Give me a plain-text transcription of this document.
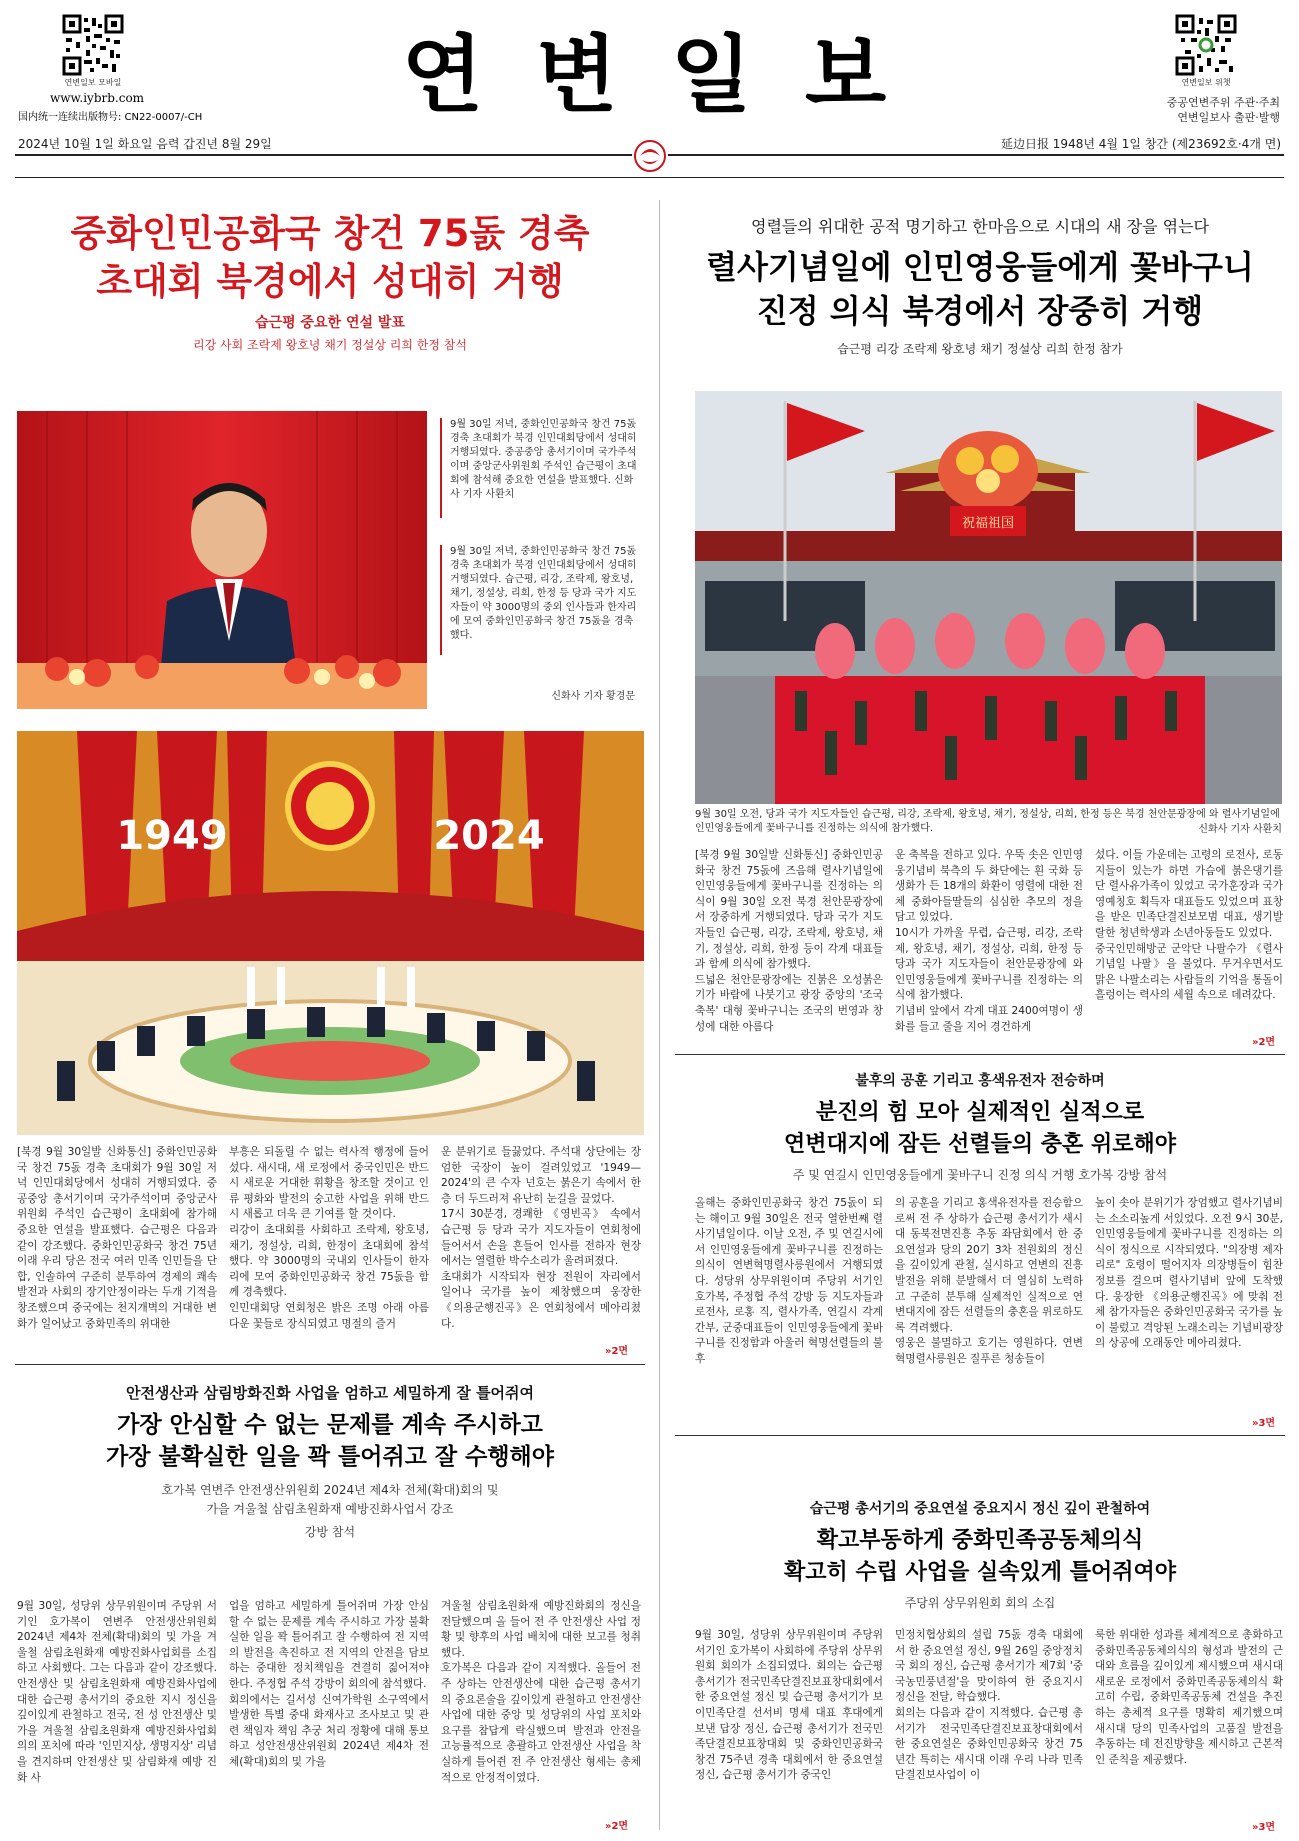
연변일보 모바일
www.iybrb.com
国内统一连续出版物号: CN22-0007/-CH	연 변 일 보	연변일보 위챗
중공연변주위 주관·주최
연변일보사 출판·발행
2024년 10월 1일 화요일 음력 갑진년 8월 29일	延边日报 1948년 4월 1일 창간 (제23692호·4개 면)
중화인민공화국 창건 75돐 경축
초대회 북경에서 성대히 거행
습근평 중요한 연설 발표
리강 사회 조락제 왕호녕 채기 정설상 리희 한정 참석
9월 30일 저녁, 중화인민공화국 창건 75돐 경축 초대회가 북경 인민대회당에서 성대히 거행되였다. 중공중앙 총서기이며 국가주석이며 중앙군사위원회 주석인 습근평이 초대회에 참석해 중요한 연설을 발표했다. 신화사 기자 사환치
9월 30일 저녁, 중화인민공화국 창건 75돐 경축 초대회가 북경 인민대회당에서 성대히 거행되였다. 습근평, 리강, 조락제, 왕호녕, 채기, 정설상, 리희, 한정 등 당과 국가 지도자들이 약 3000명의 중외 인사들과 한자리에 모여 중화인민공화국 창건 75돐을 경축했다.
신화사 기자 황경문
1949	2024
[북경 9월 30일발 신화통신] 중화인민공화국 창건 75돐 경축 초대회가 9월 30일 저녁 인민대회당에서 성대히 거행되였다. 중공중앙 총서기이며 국가주석이며 중앙군사위원회 주석인 습근평이 초대회에 참가해 중요한 연설을 발표했다. 습근평은 다음과 같이 강조했다. 중화인민공화국 창건 75년 이래 우리 당은 전국 여러 민족 인민들을 단합, 인솔하여 구준히 분투하여 경제의 쾌속발전과 사회의 장기안정이라는 두개 기적을 창조했으며 중국에는 천지개벽의 거대한 변화가 일어났고 중화민족의 위대한
부흥은 되돌릴 수 없는 력사적 행정에 들어섰다. 새시대, 새 로정에서 중국인민은 반드시 새로운 거대한 휘황을 창조할 것이고 인류 평화와 발전의 숭고한 사업을 위해 반드시 새롭고 더욱 큰 기여를 할 것이다.
리강이 초대회를 사회하고 조락제, 왕호녕, 채기, 정설상, 리희, 한정이 초대회에 참석했다. 약 3000명의 국내외 인사들이 한자리에 모여 중화인민공화국 창건 75돐을 함께 경축했다.
인민대회당 연회청은 밝은 조명 아래 아름다운 꽃들로 장식되였고 명절의 즐거
운 분위기로 들끓었다. 주석대 상단에는 장엄한 국장이 높이 걸려있었고 '1949—2024'의 큰 수자 넌호는 붉은기 속에서 한층 더 두드러져 유난히 눈길을 끌었다.
17시 30분경, 경쾌한 《영빈곡》 속에서 습근평 등 당과 국가 지도자들이 연회청에 들어서서 손을 흔들어 인사를 전하자 현장에서는 열렬한 박수소리가 울려퍼졌다.
초대회가 시작되자 현장 전원이 자리에서 일어나 국가를 높이 제창했으며 웅장한 《의용군행진곡》은 연회청에서 메아리쳤다.
»2면
안전생산과 삼림방화진화 사업을 엄하고 세밀하게 잘 틀어쥐여
가장 안심할 수 없는 문제를 계속 주시하고
가장 불확실한 일을 꽉 틀어쥐고 잘 수행해야
호가복 연변주 안전생산위원회 2024년 제4차 전체(확대)회의 및
가을 겨울철 삼림초원화재 예방진화사업서 강조
강방 참석
9월 30일, 성당위 상무위원이며 주당위 서기인 호가복이 연변주 안전생산위원회 2024년 제4차 전체(확대)회의 및 가을 겨울철 삼림초원화재 예방진화사업회를 소집하고 사회했다. 그는 다음과 같이 강조했다. 안전생산 및 삼림초원화재 예방진화사업에 대한 습근평 총서기의 중요한 지시 정신을 깊이있게 관철하고 전국, 전 성 안전생산 및 가을 겨울철 삼림초원화재 예방진화사업회의의 포치에 따라 '인민지상, 생명지상' 리념을 견지하며 안전생산 및 삼림화재 예방 진화 사
업을 엄하고 세밀하게 틀어쥐며 가장 안심할 수 없는 문제를 계속 주시하고 가장 불확실한 일을 꽉 틀어쥐고 잘 수행하여 전 지역의 발전을 촉진하고 전 지역의 안전을 담보하는 중대한 정치책임을 견결히 짊어져야 한다. 주정협 주석 강방이 회의에 참석했다.
회의에서는 길서성 신여가학원 소구역에서 발생한 특별 중대 화재사고 조사보고 및 관련 책임자 책임 추궁 처리 정황에 대해 통보하고 성안전생산위원회 2024년 제4차 전체(확대)회의 및 가을
겨울철 삼림초원화재 예방진화회의 정신을 전달했으며 올 들어 전 주 안전생산 사업 정황 및 향후의 사업 배치에 대한 보고를 청취했다.
호가복은 다음과 같이 지적했다. 올들어 전 주 상하는 안전생산에 대한 습근평 총서기의 중요론술을 깊이있게 관철하고 안전생산 사업에 대한 중앙 및 성당위의 사업 포치와 요구를 참답게 락실했으며 발전과 안전을 고능률적으로 총괄하고 안전생산 사업을 착실하게 틀어쥔 전 주 안전생산 형세는 총체적으로 안정적이였다.
»2면
영렬들의 위대한 공적 명기하고 한마음으로 시대의 새 장을 엮는다
렬사기념일에 인민영웅들에게 꽃바구니
진정 의식 북경에서 장중히 거행
습근평 리강 조락제 왕호녕 채기 정설상 리희 한정 참가
祝福祖国
9월 30일 오전, 당과 국가 지도자들인 습근평, 리강, 조락제, 왕호녕, 채기, 정설상, 리희, 한정 등은 북경 천안문광장에 와 렬사기념일에 인민영웅들에게 꽃바구니를 진정하는 의식에 참가했다.	신화사 기자 사환치
[북경 9월 30일발 신화통신] 중화인민공화국 창건 75돐에 즈음해 렬사기념일에 인민영웅들에게 꽃바구니를 진정하는 의식이 9월 30일 오전 북경 천안문광장에서 장중하게 거행되였다. 당과 국가 지도자들인 습근평, 리강, 조락제, 왕호녕, 채기, 정설상, 리희, 한정 등이 각계 대표들과 함께 의식에 참가했다.
드넓은 천안문광장에는 진붉은 오성붉은기가 바람에 나붓기고 광장 중앙의 '조국 축복' 대형 꽃바구니는 조국의 번영과 창성에 대한 아름다
운 축복을 전하고 있다. 우뚝 솟은 인민영웅기념비 북측의 두 화단에는 흰 국화 등 생화가 든 18개의 화환이 영렬에 대한 전체 중화아들딸들의 심심한 추모의 정을 담고 있었다.
10시가 가까울 무렵, 습근평, 리강, 조락제, 왕호녕, 채기, 정설상, 리희, 한정 등 당과 국가 지도자들이 천안문광장에 와 인민영웅들에게 꽃바구니를 진정하는 의식에 참가했다.
기념비 앞에서 각계 대표 2400여명이 생화를 들고 줄을 지어 경건하게
섰다. 이들 가운데는 고령의 로전사, 로동지들이 있는가 하면 가슴에 붉은댕기를 단 렬사유가족이 있었고 국가훈장과 국가영예칭호 획득자 대표들도 있었으며 표창을 받은 민족단결진보모범 대표, 생기발랄한 청년학생과 소년아동들도 있었다.
중국인민해방군 군악단 나팔수가 《렬사기념일 나팔》을 불었다. 무거우면서도 맑은 나팔소리는 사람들의 기억을 통돌이 흘렁이는 력사의 세월 속으로 데려갔다.
»2면
불후의 공훈 기리고 홍색유전자 전승하며
분진의 힘 모아 실제적인 실적으로
연변대지에 잠든 선렬들의 충혼 위로해야
주 및 연길시 인민영웅들에게 꽃바구니 진정 의식 거행 호가복 강방 참석
올해는 중화인민공화국 창건 75돐이 되는 해이고 9월 30일은 전국 열한번째 렬사기념일이다. 이날 오전, 주 및 연길시에서 인민영웅들에게 꽃바구니를 진정하는 의식이 연변혁명렬사릉원에서 거행되였다. 성당위 상무위원이며 주당위 서기인 호가복, 주정협 주석 강방 등 지도자들과 로전사, 로홍 직, 렬사가족, 연길시 각계 간부, 군중대표들이 인민영웅들에게 꽃바구니를 진정함과 아울러 혁명선렬들의 불후
의 공훈을 기리고 홍색유전자를 전승함으로써 전 주 상하가 습근평 총서기가 새시대 동북전면진흥 추동 좌담회에서 한 중요연설과 당의 20기 3차 전원회의 정신을 깊이있게 관철, 실시하고 연변의 진흥 발전을 위해 분발해서 더 열심히 노력하고 구준히 분투해 실제적인 실적으로 연변대지에 잠든 선렬들의 충혼을 위로하도록 격려했다.
영웅은 불멸하고 호기는 영원하다. 연변혁명렬사릉원은 질푸른 청송들이
높이 솟아 분위기가 장엄했고 렬사기념비는 소소리높게 서있었다. 오전 9시 30분, 인민영웅들에게 꽃바구니를 진정하는 의식이 정식으로 시작되였다. "의장병 제자리로" 호령이 떨어지자 의장병들이 힘찬 정보를 걸으며 렬사기념비 앞에 도착했다. 웅장한 《의용군행진곡》에 맞춰 전체 참가자들은 중화인민공화국 국가를 높이 불렀고 격앙된 노래소리는 기념비광장의 상공에 오래동안 메아리쳤다.
»3면
습근평 총서기의 중요연설 중요지시 정신 깊이 관철하여
확고부동하게 중화민족공동체의식
확고히 수립 사업을 실속있게 틀어쥐여야
주당위 상무위원회 회의 소집
9월 30일, 성당위 상무위원이며 주당위 서기인 호가복이 사회하에 주당위 상무위원회 회의가 소집되였다. 회의는 습근평 총서기가 전국민족단결진보표창대회에서 한 중요연설 정신 및 습근평 총서기가 보이민족단결 선서비 명세 대표 후대에게 보낸 답장 정신, 습근평 총서기가 전국민족단결진보표창대회 및 중화인민공화국 창건 75주년 경축 대회에서 한 중요연설 정신, 습근평 총서기가 중국인
민정치협상회의 설립 75돐 경축 대회에서 한 중요연설 정신, 9월 26일 중앙정치국 회의 정신, 습근평 총서기가 제7회 '중국농민풍년절'을 맞이하여 한 중요지시 정신을 전달, 학습했다.
회의는 다음과 같이 지적했다. 습근평 총서기가 전국민족단결진보표창대회에서 한 중요연설은 중화인민공화국 창건 75년간 특히는 새시대 이래 우리 나라 민족단결진보사업이 이
룩한 위대한 성과를 체계적으로 총화하고 중화민족공동체의식의 형성과 발전의 근대와 흐름을 깊이있게 제시했으며 새시대 새로운 로정에서 중화민족공동체의식 확고히 수립, 중화민족공동체 건설을 추진하는 총체적 요구를 명확히 제기했으며 새시대 당의 민족사업의 고품질 발전을 추동하는 데 전진방향을 제시하고 근본적 인 준칙을 제공했다.
»3면
